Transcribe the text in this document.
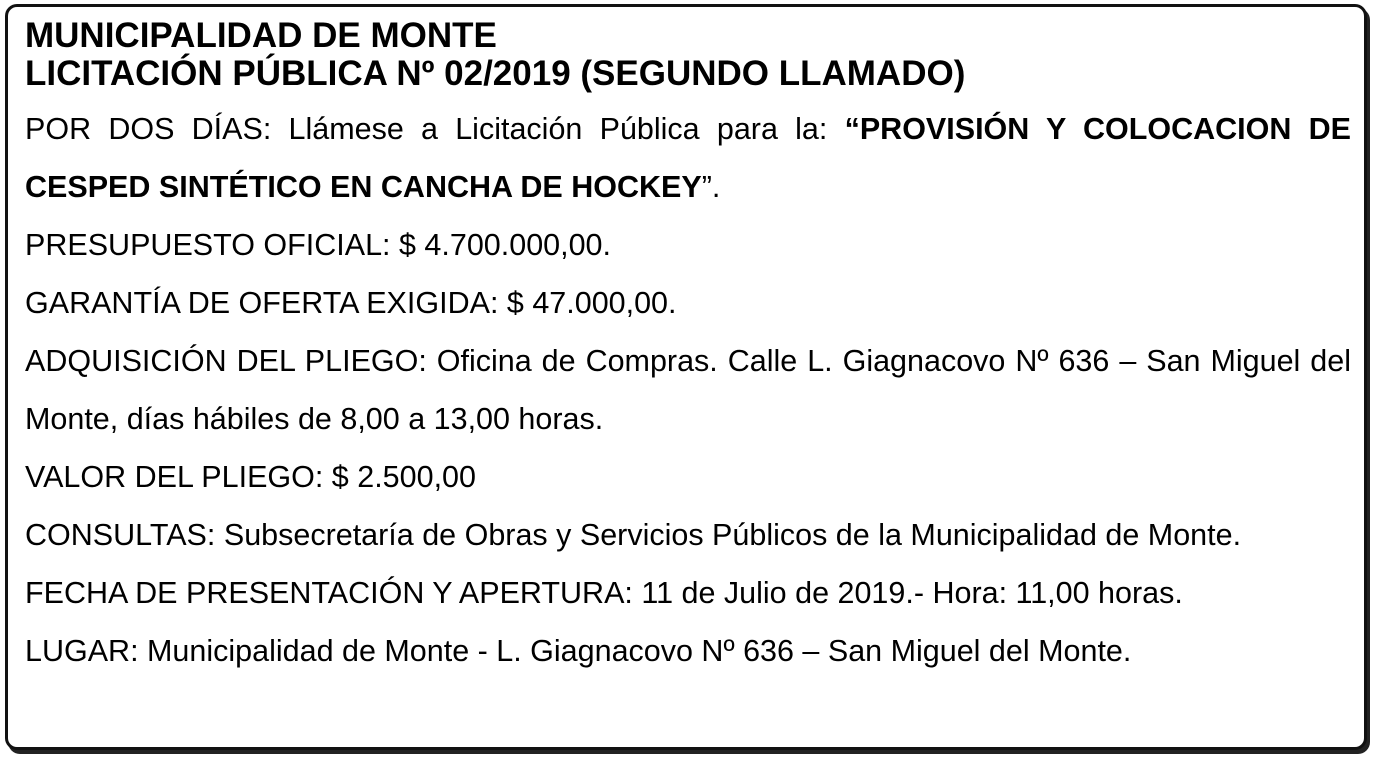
MUNICIPALIDAD DE MONTE

LICITACIÓN PÚBLICA Nº 02/2019 (SEGUNDO LLAMADO)

POR DOS DÍAS: Llámese a Licitación Pública para la: “PROVISIÓN Y COLOCACION DE CESPED SINTÉTICO EN CANCHA DE HOCKEY”.

PRESUPUESTO OFICIAL: $ 4.700.000,00.

GARANTÍA DE OFERTA EXIGIDA: $ 47.000,00.

ADQUISICIÓN DEL PLIEGO: Oficina de Compras. Calle L. Giagnacovo Nº 636 – San Miguel del Monte, días hábiles de 8,00 a 13,00 horas.

VALOR DEL PLIEGO: $ 2.500,00

CONSULTAS: Subsecretaría de Obras y Servicios Públicos de la Municipalidad de Monte.

FECHA DE PRESENTACIÓN Y APERTURA: 11 de Julio de 2019.- Hora: 11,00 horas.

LUGAR: Municipalidad de Monte - L. Giagnacovo Nº 636 – San Miguel del Monte.
